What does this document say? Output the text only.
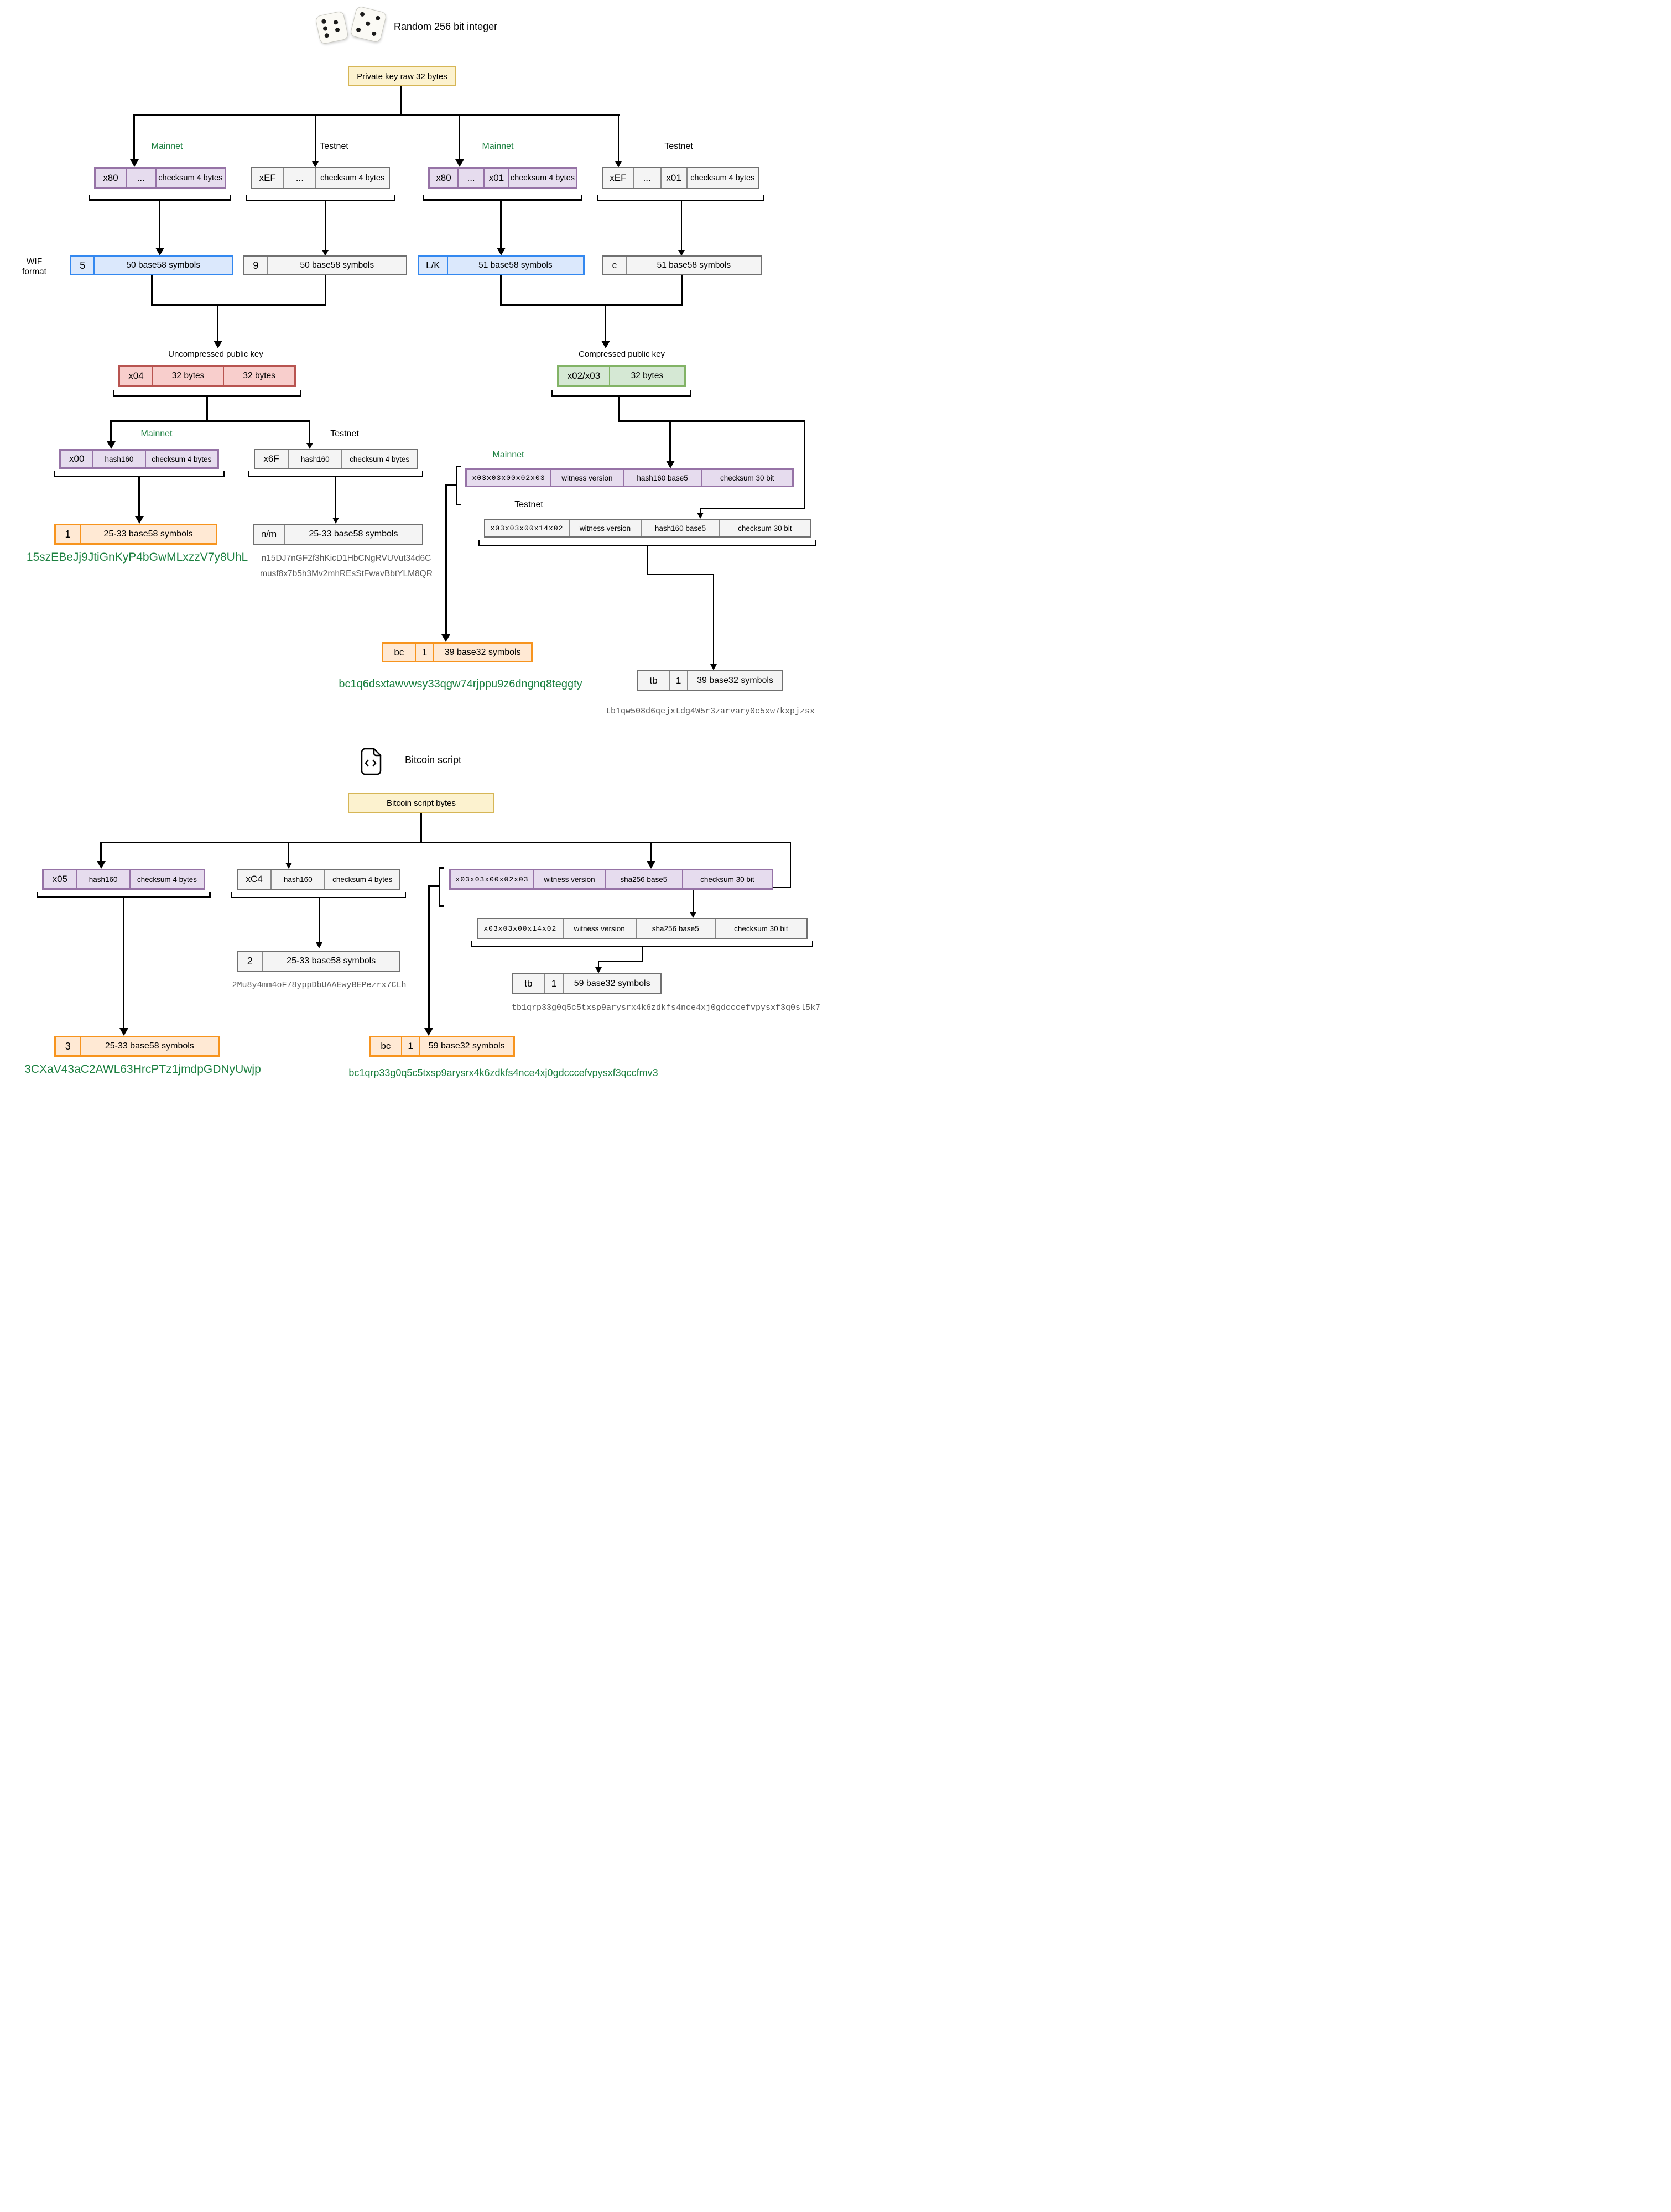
Random 256 bit integer
Private key raw 32 bytes
Mainnet	Testnet	Mainnet	Testnet
x80	...	checksum 4 bytes	xEF	...	checksum 4 bytes	x80	...	x01 checksum 4 bytes	xEF	...	x01	checksum 4 bytes
WIF format
5	50 base58 symbols	9	50 base58 symbols	L/K	51 base58 symbols	c	51 base58 symbols
Uncompressed public key	Compressed public key
x04	32 bytes	32 bytes	x02/x03	32 bytes
Mainnet	Testnet
x00	hash160	checksum 4 bytes	x6F	hash160	checksum 4 bytes	Mainnet
x03x03x00x02x03	witness version	hash160 base5	checksum 30 bit
Testnet
x03x03x00x14x02	witness version	hash160 base5	checksum 30 bit
1	25-33 base58 symbols	n/m	25-33 base58 symbols
15szEBeJj9JtiGnKyP4bGwMLxzzV7y8UhL	n15DJ7nGF2f3hKicD1HbCNgRVUVut34d6C
musf8x7b5h3Mv2mhREsStFwavBbtYLM8QR
bc	1	39 base32 symbols
bc1q6dsxtawvwsy33qgw74rjppu9z6dngnq8teggty	tb	1	39 base32 symbols
tb1qw508d6qejxtdg4W5r3zarvary0c5xw7kxpjzsx
Bitcoin script
Bitcoin script bytes
x05	hash160	checksum 4 bytes	xC4	hash160	checksum 4 bytes	x03x03x00x02x03	witness version	sha256 base5	checksum 30 bit
x03x03x00x14x02	witness version	sha256 base5	checksum 30 bit
2	25-33 base58 symbols
2Mu8y4mm4oF78yppDbUAAEwyBEPezrx7CLh	tb	1	59 base32 symbols
tb1qrp33g0q5c5txsp9arysrx4k6zdkfs4nce4xj0gdcccefvpysxf3q0sl5k7
3	25-33 base58 symbols
3CXaV43aC2AWL63HrcPTz1jmdpGDNyUwjp
bc	1	59 base32 symbols
bc1qrp33g0q5c5txsp9arysrx4k6zdkfs4nce4xj0gdcccefvpysxf3qccfmv3
